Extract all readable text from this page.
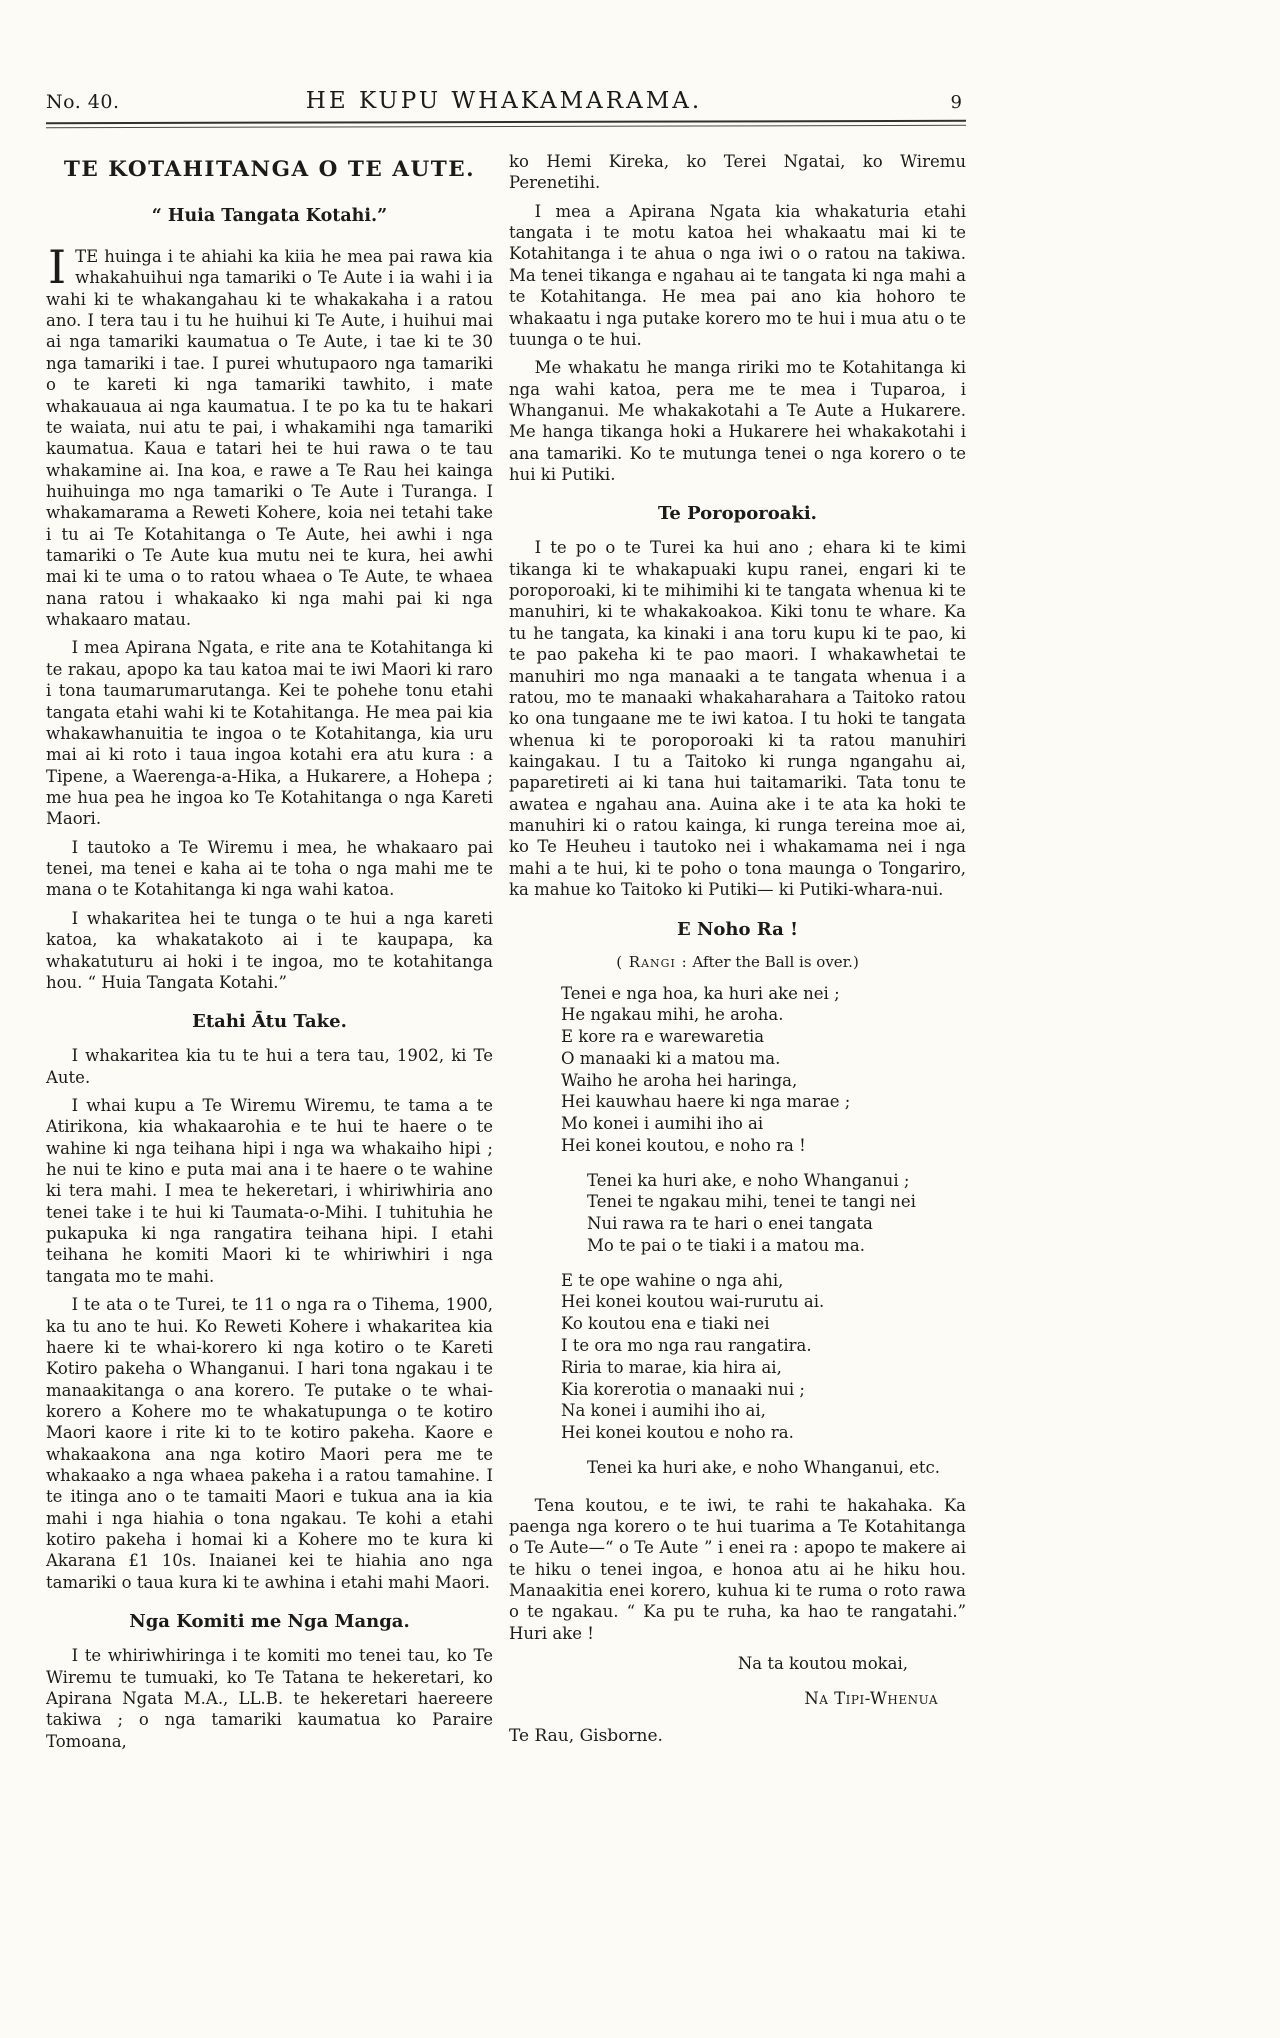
No. 40.	HE KUPU WHAKAMARAMA.	9
TE KOTAHITANGA O TE AUTE.
“ Huia Tangata Kotahi.”

I TE huinga i te ahiahi ka kiia he mea pai rawa kia whakahuihui nga tamariki o Te Aute i ia wahi i ia wahi ki te whakangahau ki te whakakaha i a ratou ano. I tera tau i tu he huihui ki Te Aute, i huihui mai ai nga tamariki kaumatua o Te Aute, i tae ki te 30 nga tamariki i tae. I purei whutupaoro nga tamariki o te kareti ki nga tamariki tawhito, i mate whakauaua ai nga kaumatua. I te po ka tu te hakari te waiata, nui atu te pai, i whakamihi nga tamariki kaumatua. Kaua e tatari hei te hui rawa o te tau whakamine ai. Ina koa, e rawe a Te Rau hei kainga huihuinga mo nga tamariki o Te Aute i Turanga. I whakamarama a Reweti Kohere, koia nei tetahi take i tu ai Te Kotahitanga o Te Aute, hei awhi i nga tamariki o Te Aute kua mutu nei te kura, hei awhi mai ki te uma o to ratou whaea o Te Aute, te whaea nana ratou i whakaako ki nga mahi pai ki nga whakaaro matau.

I mea Apirana Ngata, e rite ana te Kotahitanga ki te rakau, apopo ka tau katoa mai te iwi Maori ki raro i tona taumarumarutanga. Kei te pohehe tonu etahi tangata etahi wahi ki te Kotahitanga. He mea pai kia whakawhanuitia te ingoa o te Kotahitanga, kia uru mai ai ki roto i taua ingoa kotahi era atu kura : a Tipene, a Waerenga-a-Hika, a Hukarere, a Hohepa ; me hua pea he ingoa ko Te Kotahitanga o nga Kareti Maori.

I tautoko a Te Wiremu i mea, he whakaaro pai tenei, ma tenei e kaha ai te toha o nga mahi me te mana o te Kotahitanga ki nga wahi katoa.

I whakaritea hei te tunga o te hui a nga kareti katoa, ka whakatakoto ai i te kaupapa, ka whakatuturu ai hoki i te ingoa, mo te kotahitanga hou. “ Huia Tangata Kotahi.”

Etahi Ātu Take.

I whakaritea kia tu te hui a tera tau, 1902, ki Te Aute.

I whai kupu a Te Wiremu Wiremu, te tama a te Atirikona, kia whakaarohia e te hui te haere o te wahine ki nga teihana hipi i nga wa whakaiho hipi ; he nui te kino e puta mai ana i te haere o te wahine ki tera mahi. I mea te hekeretari, i whiriwhiria ano tenei take i te hui ki Taumata-o-Mihi. I tuhituhia he pukapuka ki nga rangatira teihana hipi. I etahi teihana he komiti Maori ki te whiriwhiri i nga tangata mo te mahi.

I te ata o te Turei, te 11 o nga ra o Tihema, 1900, ka tu ano te hui. Ko Reweti Kohere i whakaritea kia haere ki te whai-korero ki nga kotiro o te Kareti Kotiro pakeha o Whanganui. I hari tona ngakau i te manaakitanga o ana korero. Te putake o te whai-korero a Kohere mo te whakatupunga o te kotiro Maori kaore i rite ki to te kotiro pakeha. Kaore e whakaakona ana nga kotiro Maori pera me te whakaako a nga whaea pakeha i a ratou tamahine. I te itinga ano o te tamaiti Maori e tukua ana ia kia mahi i nga hiahia o tona ngakau. Te kohi a etahi kotiro pakeha i homai ki a Kohere mo te kura ki Akarana £1 10s. Inaianei kei te hiahia ano nga tamariki o taua kura ki te awhina i etahi mahi Maori.

Nga Komiti me Nga Manga.

I te whiriwhiringa i te komiti mo tenei tau, ko Te Wiremu te tumuaki, ko Te Tatana te hekeretari, ko Apirana Ngata M.A., LL.B. te hekeretari haereere takiwa ; o nga tamariki kaumatua ko Paraire Tomoana,

ko Hemi Kireka, ko Terei Ngatai, ko Wiremu Perenetihi.

I mea a Apirana Ngata kia whakaturia etahi tangata i te motu katoa hei whakaatu mai ki te Kotahitanga i te ahua o nga iwi o o ratou na takiwa. Ma tenei tikanga e ngahau ai te tangata ki nga mahi a te Kotahitanga. He mea pai ano kia hohoro te whakaatu i nga putake korero mo te hui i mua atu o te tuunga o te hui.

Me whakatu he manga ririki mo te Kotahitanga ki nga wahi katoa, pera me te mea i Tuparoa, i Whanganui. Me whakakotahi a Te Aute a Hukarere. Me hanga tikanga hoki a Hukarere hei whakakotahi i ana tamariki. Ko te mutunga tenei o nga korero o te hui ki Putiki.

Te Poroporoaki.

I te po o te Turei ka hui ano ; ehara ki te kimi tikanga ki te whakapuaki kupu ranei, engari ki te poroporoaki, ki te mihimihi ki te tangata whenua ki te manuhiri, ki te whakakoakoa. Kiki tonu te whare. Ka tu he tangata, ka kinaki i ana toru kupu ki te pao, ki te pao pakeha ki te pao maori. I whakawhetai te manuhiri mo nga manaaki a te tangata whenua i a ratou, mo te manaaki whakaharahara a Taitoko ratou ko ona tungaane me te iwi katoa. I tu hoki te tangata whenua ki te poroporoaki ki ta ratou manuhiri kaingakau. I tu a Taitoko ki runga ngangahu ai, paparetireti ai ki tana hui taitamariki. Tata tonu te awatea e ngahau ana. Auina ake i te ata ka hoki te manuhiri ki o ratou kainga, ki runga tereina moe ai, ko Te Heuheu i tautoko nei i whakamama nei i nga mahi a te hui, ki te poho o tona maunga o Tongariro, ka mahue ko Taitoko ki Putiki— ki Putiki-whara-nui.

E Noho Ra !
( Rangi : After the Ball is over.)
Tenei e nga hoa, ka huri ake nei ;
He ngakau mihi, he aroha.
E kore ra e warewaretia
O manaaki ki a matou ma.
Waiho he aroha hei haringa,
Hei kauwhau haere ki nga marae ;
Mo konei i aumihi iho ai
Hei konei koutou, e noho ra !
Tenei ka huri ake, e noho Whanganui ;
Tenei te ngakau mihi, tenei te tangi nei
Nui rawa ra te hari o enei tangata
Mo te pai o te tiaki i a matou ma.
E te ope wahine o nga ahi,
Hei konei koutou wai-rurutu ai.
Ko koutou ena e tiaki nei
I te ora mo nga rau rangatira.
Riria to marae, kia hira ai,
Kia korerotia o manaaki nui ;
Na konei i aumihi iho ai,
Hei konei koutou e noho ra.
Tenei ka huri ake, e noho Whanganui, etc.

Tena koutou, e te iwi, te rahi te hakahaka. Ka paenga nga korero o te hui tuarima a Te Kotahitanga o Te Aute—“ o Te Aute ” i enei ra : apopo te makere ai te hiku o tenei ingoa, e honoa atu ai he hiku hou. Manaakitia enei korero, kuhua ki te ruma o roto rawa o te ngakau. “ Ka pu te ruha, ka hao te rangatahi.” Huri ake !

Na ta koutou mokai,
Na Tipi-Whenua

Te Rau, Gisborne.
